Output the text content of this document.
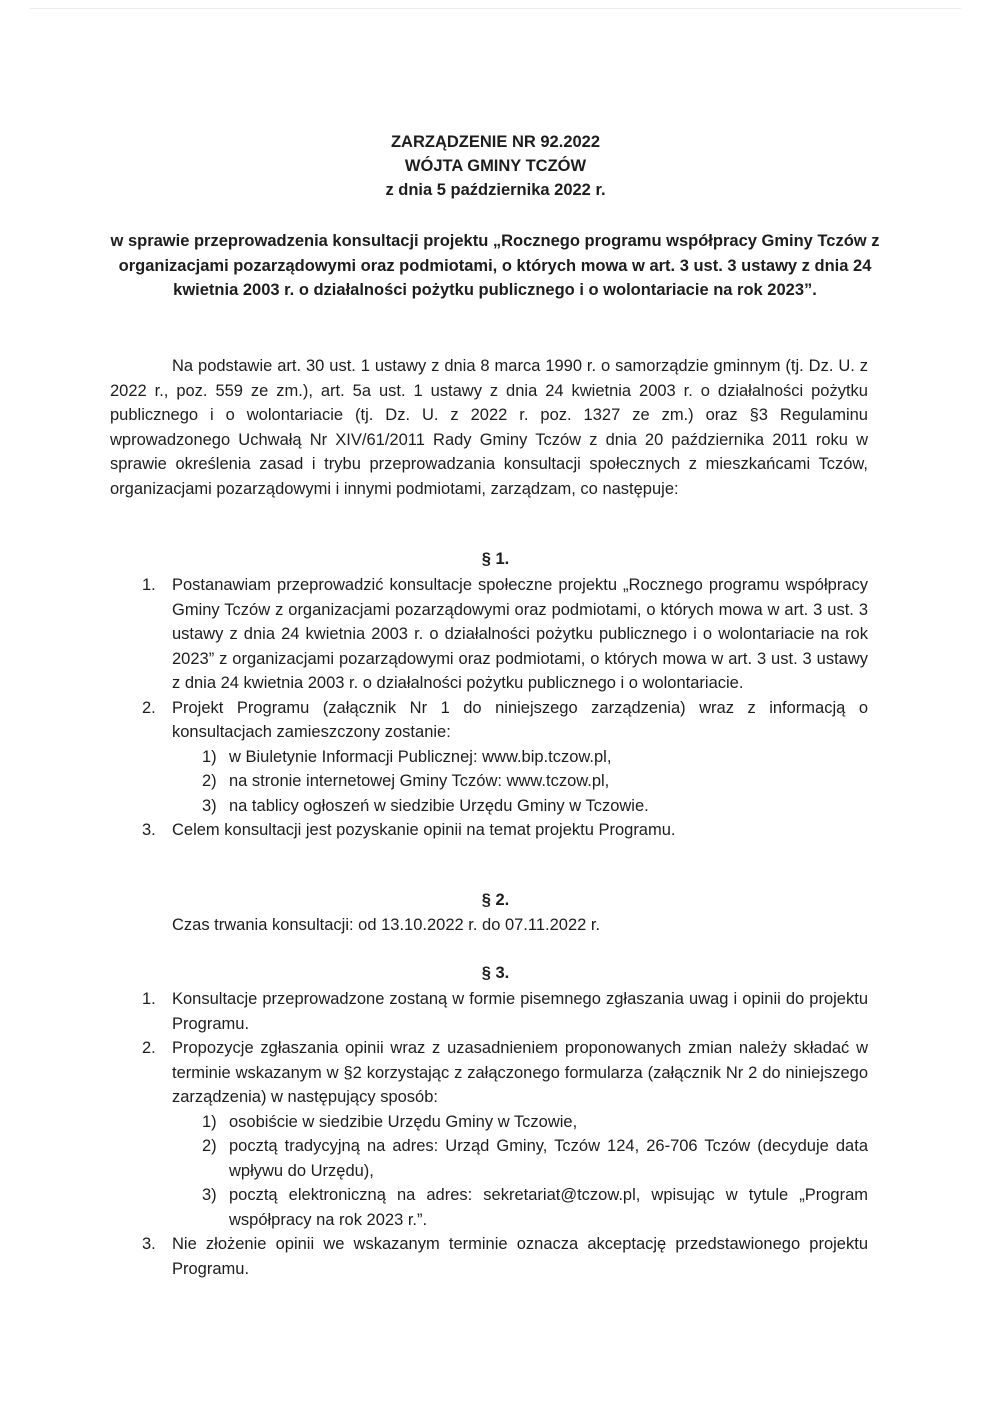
ZARZĄDZENIE NR 92.2022
WÓJTA GMINY TCZÓW
z dnia 5 października 2022 r.
w sprawie przeprowadzenia konsultacji projektu „Rocznego programu współpracy Gminy Tczów z organizacjami pozarządowymi oraz podmiotami, o których mowa w art. 3 ust. 3 ustawy z dnia 24 kwietnia 2003 r. o działalności pożytku publicznego i o wolontariacie na rok 2023”.
Na podstawie art. 30 ust. 1 ustawy z dnia 8 marca 1990 r. o samorządzie gminnym (tj. Dz. U. z 2022 r., poz. 559 ze zm.), art. 5a ust. 1 ustawy z dnia 24 kwietnia 2003 r. o działalności pożytku publicznego i o wolontariacie (tj. Dz. U. z 2022 r. poz. 1327 ze zm.) oraz §3 Regulaminu wprowadzonego Uchwałą Nr XIV/61/2011 Rady Gminy Tczów z dnia 20 października 2011 roku w sprawie określenia zasad i trybu przeprowadzania konsultacji społecznych z mieszkańcami Tczów, organizacjami pozarządowymi i innymi podmiotami, zarządzam, co następuje:
§ 1.
1. Postanawiam przeprowadzić konsultacje społeczne projektu „Rocznego programu współpracy Gminy Tczów z organizacjami pozarządowymi oraz podmiotami, o których mowa w art. 3 ust. 3 ustawy z dnia 24 kwietnia 2003 r. o działalności pożytku publicznego i o wolontariacie na rok 2023” z organizacjami pozarządowymi oraz podmiotami, o których mowa w art. 3 ust. 3 ustawy z dnia 24 kwietnia 2003 r. o działalności pożytku publicznego i o wolontariacie.
2. Projekt Programu (załącznik Nr 1 do niniejszego zarządzenia) wraz z informacją o konsultacjach zamieszczony zostanie:
1) w Biuletynie Informacji Publicznej: www.bip.tczow.pl,
2) na stronie internetowej Gminy Tczów: www.tczow.pl,
3) na tablicy ogłoszeń w siedzibie Urzędu Gminy w Tczowie.
3. Celem konsultacji jest pozyskanie opinii na temat projektu Programu.
§ 2.
Czas trwania konsultacji: od 13.10.2022 r. do 07.11.2022 r.
§ 3.
1. Konsultacje przeprowadzone zostaną w formie pisemnego zgłaszania uwag i opinii do projektu Programu.
2. Propozycje zgłaszania opinii wraz z uzasadnieniem proponowanych zmian należy składać w terminie wskazanym w §2 korzystając z załączonego formularza (załącznik Nr 2 do niniejszego zarządzenia) w następujący sposób:
1) osobiście w siedzibie Urzędu Gminy w Tczowie,
2) pocztą tradycyjną na adres: Urząd Gminy, Tczów 124, 26-706 Tczów (decyduje data wpływu do Urzędu),
3) pocztą elektroniczną na adres: sekretariat@tczow.pl, wpisując w tytule „Program współpracy na rok 2023 r.”.
3. Nie złożenie opinii we wskazanym terminie oznacza akceptację przedstawionego projektu Programu.
